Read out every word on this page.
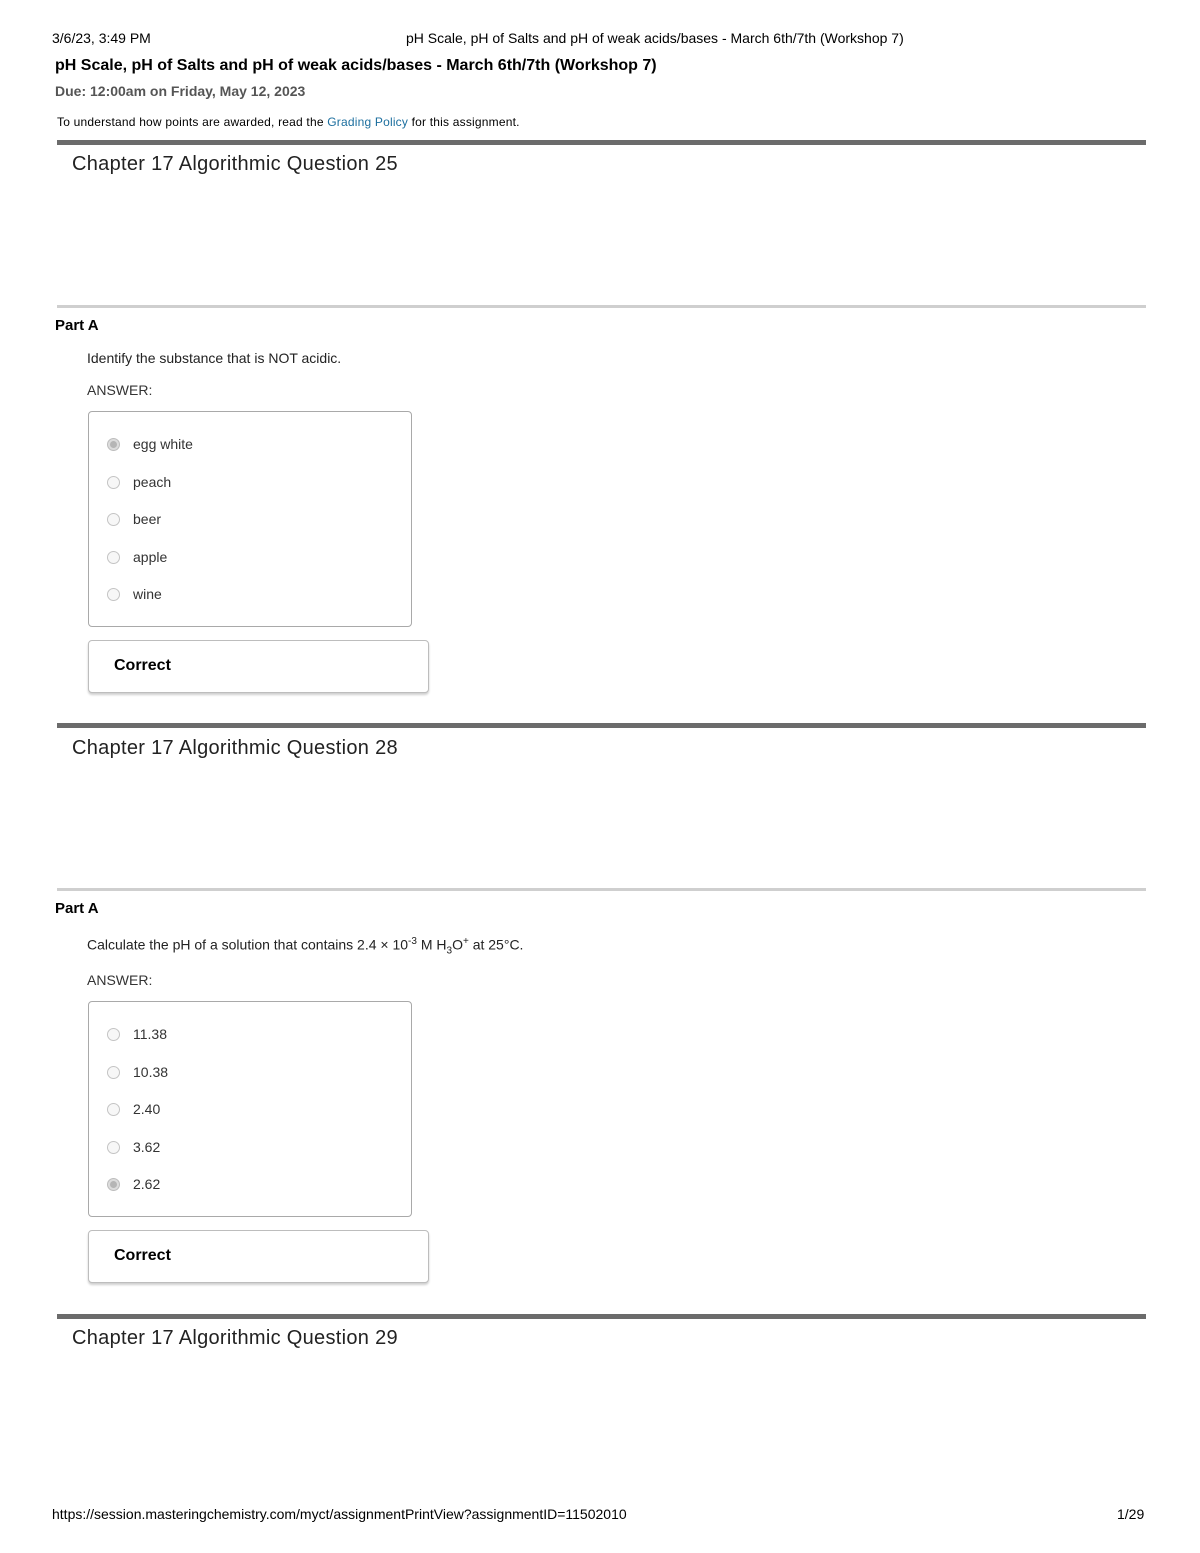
3/6/23, 3:49 PM	pH Scale, pH of Salts and pH of weak acids/bases - March 6th/7th (Workshop 7)
pH Scale, pH of Salts and pH of weak acids/bases - March 6th/7th (Workshop 7)
Due: 12:00am on Friday, May 12, 2023
To understand how points are awarded, read the Grading Policy for this assignment.
Chapter 17 Algorithmic Question 25
Part A
Identify the substance that is NOT acidic.
ANSWER:
egg white
peach
beer
apple
wine
Correct
Chapter 17 Algorithmic Question 28
Part A
Calculate the pH of a solution that contains $2.4 \times 10^{-3}$ M $H_3O^+$ at 25°C.
ANSWER:
11.38
10.38
2.40
3.62
2.62
Correct
Chapter 17 Algorithmic Question 29
https://session.masteringchemistry.com/myct/assignmentPrintView?assignmentID=11502010	1/29
